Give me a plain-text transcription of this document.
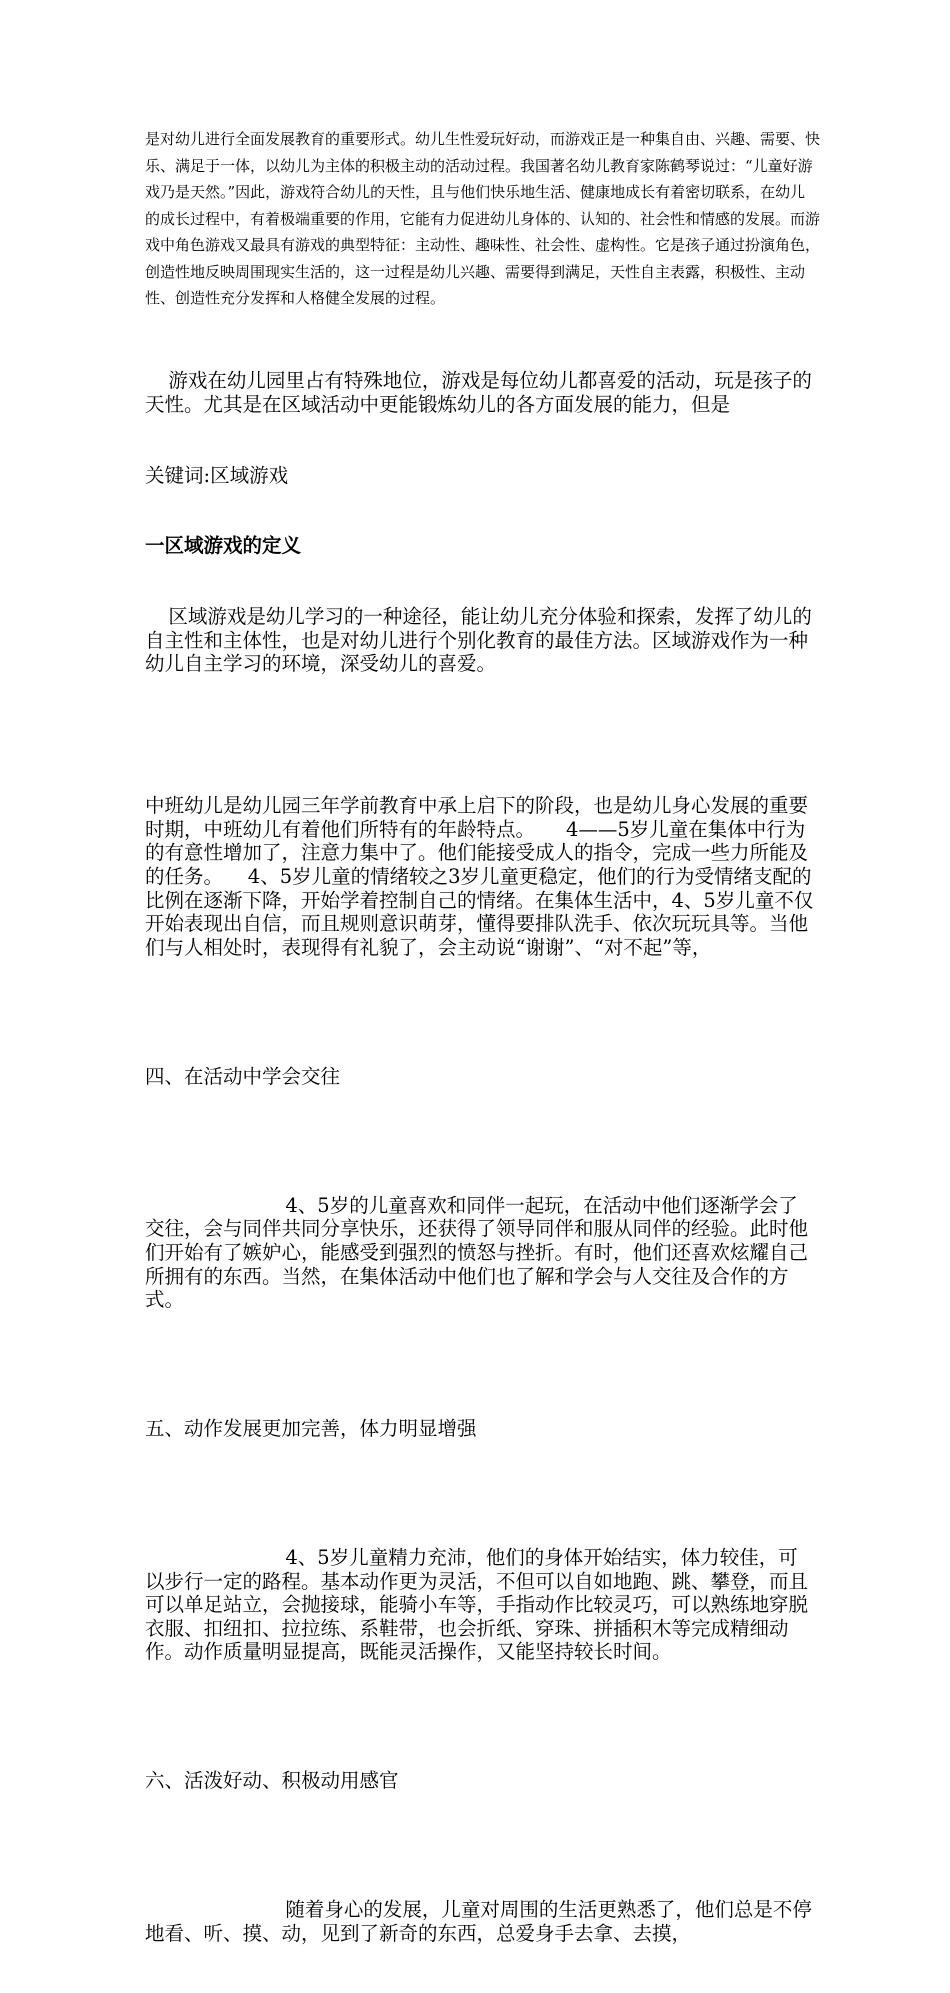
是对幼儿进行全面发展教育的重要形式。幼儿生性爱玩好动，而游戏正是一种集自由、兴趣、需要、快乐、满足于一体，以幼儿为主体的积极主动的活动过程。我国著名幼儿教育家陈鹤琴说过：“儿童好游戏乃是天然。”因此，游戏符合幼儿的天性，且与他们快乐地生活、健康地成长有着密切联系，在幼儿的成长过程中，有着极端重要的作用，它能有力促进幼儿身体的、认知的、社会性和情感的发展。而游戏中角色游戏又最具有游戏的典型特征：主动性、趣味性、社会性、虚构性。它是孩子通过扮演角色，创造性地反映周围现实生活的，这一过程是幼儿兴趣、需要得到满足，天性自主表露，积极性、主动性、创造性充分发挥和人格健全发展的过程。

游戏在幼儿园里占有特殊地位，游戏是每位幼儿都喜爱的活动，玩是孩子的天性。尤其是在区域活动中更能锻炼幼儿的各方面发展的能力，但是

关键词:区域游戏

一区域游戏的定义

区域游戏是幼儿学习的一种途径，能让幼儿充分体验和探索，发挥了幼儿的自主性和主体性，也是对幼儿进行个别化教育的最佳方法。区域游戏作为一种幼儿自主学习的环境，深受幼儿的喜爱。

中班幼儿是幼儿园三年学前教育中承上启下的阶段，也是幼儿身心发展的重要时期，中班幼儿有着他们所特有的年龄特点。     4——5岁儿童在集体中行为的有意性增加了，注意力集中了。他们能接受成人的指令，完成一些力所能及的任务。    4、5岁儿童的情绪较之3岁儿童更稳定，他们的行为受情绪支配的比例在逐渐下降，开始学着控制自己的情绪。在集体生活中，4、5岁儿童不仅开始表现出自信，而且规则意识萌芽，懂得要排队洗手、依次玩玩具等。当他们与人相处时，表现得有礼貌了，会主动说“谢谢”、“对不起”等，

四、在活动中学会交往

4、5岁的儿童喜欢和同伴一起玩，在活动中他们逐渐学会了交往，会与同伴共同分享快乐，还获得了领导同伴和服从同伴的经验。此时他们开始有了嫉妒心，能感受到强烈的愤怒与挫折。有时，他们还喜欢炫耀自己所拥有的东西。当然，在集体活动中他们也了解和学会与人交往及合作的方式。

五、动作发展更加完善，体力明显增强

4、5岁儿童精力充沛，他们的身体开始结实，体力较佳，可以步行一定的路程。基本动作更为灵活，不但可以自如地跑、跳、攀登，而且可以单足站立，会抛接球，能骑小车等，手指动作比较灵巧，可以熟练地穿脱衣服、扣纽扣、拉拉练、系鞋带，也会折纸、穿珠、拼插积木等完成精细动作。动作质量明显提高，既能灵活操作，又能坚持较长时间。

六、活泼好动、积极动用感官

随着身心的发展，儿童对周围的生活更熟悉了，他们总是不停地看、听、摸、动，见到了新奇的东西，总爱身手去拿、去摸，
